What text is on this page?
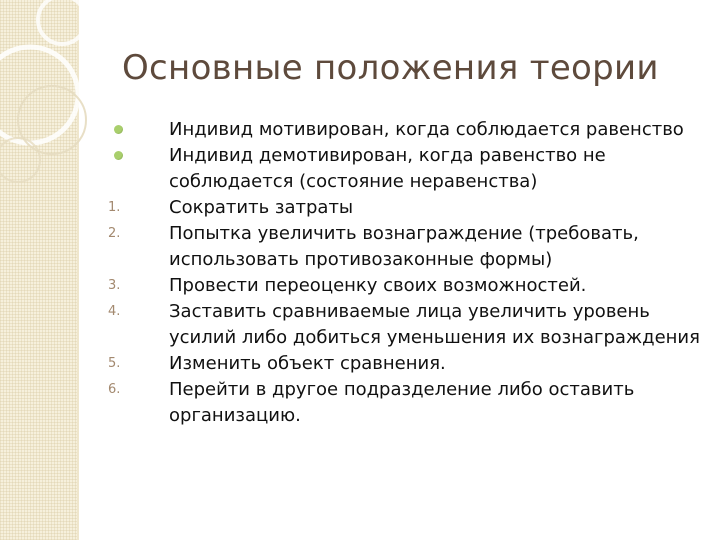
Основные положения теории
Индивид мотивирован, когда соблюдается равенство
Индивид демотивирован, когда равенство не соблюдается (состояние неравенства)
1.	Сократить затраты
2.	Попытка увеличить вознаграждение (требовать, использовать противозаконные формы)
3.	Провести переоценку своих возможностей.
4.	Заставить сравниваемые лица увеличить уровень усилий либо добиться уменьшения их вознаграждения
5.	Изменить объект сравнения.
6.	Перейти в другое подразделение либо оставить организацию.
